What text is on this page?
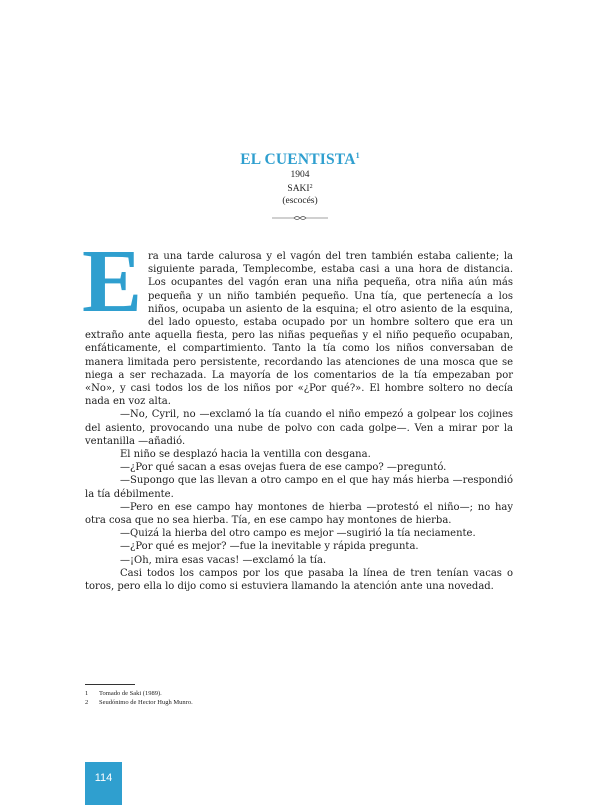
EL CUENTISTA$^1$
1904
SAKI$^2$
(escocés)

Era una tarde calurosa y el vagón del tren también estaba caliente; la siguiente parada, Templecombe, estaba casi a una hora de distancia. Los ocupantes del vagón eran una niña pequeña, otra niña aún más pequeña y un niño también pequeño. Una tía, que pertenecía a los niños, ocupaba un asiento de la esquina; el otro asiento de la esquina, del lado opuesto, estaba ocupado por un hombre soltero que era un extraño ante aquella fiesta, pero las niñas pequeñas y el niño pequeño ocupaban, enfáticamente, el compartimiento. Tanto la tía como los niños conversaban de manera limitada pero persistente, recordando las atenciones de una mosca que se niega a ser rechazada. La mayoría de los comentarios de la tía empezaban por «No», y casi todos los de los niños por «¿Por qué?». El hombre soltero no decía nada en voz alta.

—No, Cyril, no —exclamó la tía cuando el niño empezó a golpear los cojines del asiento, provocando una nube de polvo con cada golpe—. Ven a mirar por la ventanilla —añadió.

El niño se desplazó hacia la ventilla con desgana.

—¿Por qué sacan a esas ovejas fuera de ese campo? —preguntó.

—Supongo que las llevan a otro campo en el que hay más hierba —respondió la tía débilmente.

—Pero en ese campo hay montones de hierba —protestó el niño—; no hay otra cosa que no sea hierba. Tía, en ese campo hay montones de hierba.

—Quizá la hierba del otro campo es mejor —sugirió la tía neciamente.

—¿Por qué es mejor? —fue la inevitable y rápida pregunta.

—¡Oh, mira esas vacas! —exclamó la tía.

Casi todos los campos por los que pasaba la línea de tren tenían vacas o toros, pero ella lo dijo como si estuviera llamando la atención ante una novedad.

1 Tomado de Saki (1989).
2 Seudónimo de Hector Hugh Munro.
114
